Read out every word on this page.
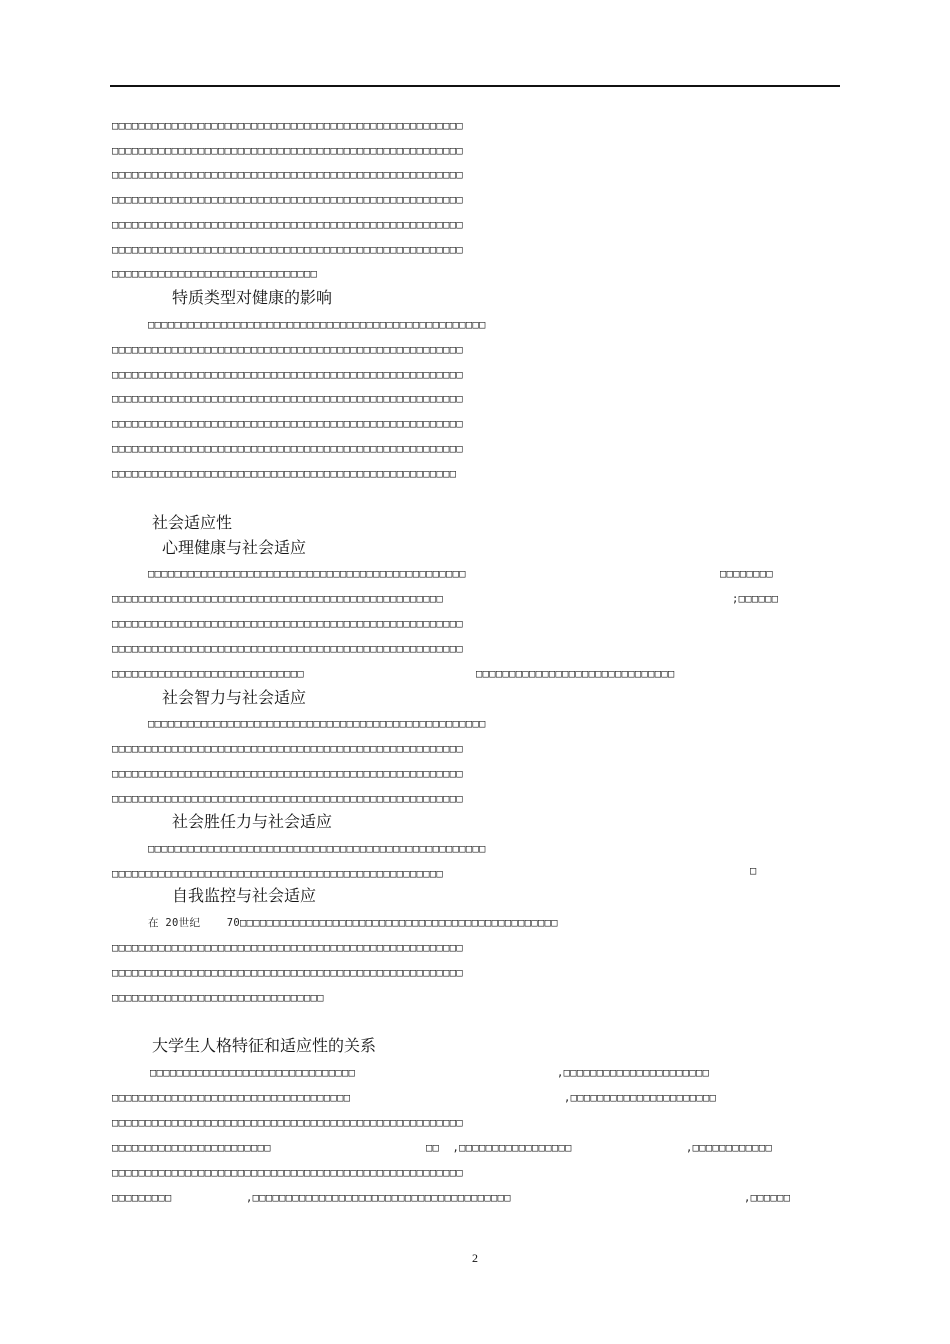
□□□□□□□□□□□□□□□□□□□□□□□□□□□□□□□□□□□□□□□□□□□□□□□□□□□□□
□□□□□□□□□□□□□□□□□□□□□□□□□□□□□□□□□□□□□□□□□□□□□□□□□□□□□
□□□□□□□□□□□□□□□□□□□□□□□□□□□□□□□□□□□□□□□□□□□□□□□□□□□□□
□□□□□□□□□□□□□□□□□□□□□□□□□□□□□□□□□□□□□□□□□□□□□□□□□□□□□
□□□□□□□□□□□□□□□□□□□□□□□□□□□□□□□□□□□□□□□□□□□□□□□□□□□□□
□□□□□□□□□□□□□□□□□□□□□□□□□□□□□□□□□□□□□□□□□□□□□□□□□□□□□
□□□□□□□□□□□□□□□□□□□□□□□□□□□□□□□
特质类型对健康的影响
□□□□□□□□□□□□□□□□□□□□□□□□□□□□□□□□□□□□□□□□□□□□□□□□□□□
□□□□□□□□□□□□□□□□□□□□□□□□□□□□□□□□□□□□□□□□□□□□□□□□□□□□□
□□□□□□□□□□□□□□□□□□□□□□□□□□□□□□□□□□□□□□□□□□□□□□□□□□□□□
□□□□□□□□□□□□□□□□□□□□□□□□□□□□□□□□□□□□□□□□□□□□□□□□□□□□□
□□□□□□□□□□□□□□□□□□□□□□□□□□□□□□□□□□□□□□□□□□□□□□□□□□□□□
□□□□□□□□□□□□□□□□□□□□□□□□□□□□□□□□□□□□□□□□□□□□□□□□□□□□□
□□□□□□□□□□□□□□□□□□□□□□□□□□□□□□□□□□□□□□□□□□□□□□□□□□□□
社会适应性
心理健康与社会适应
□□□□□□□□□□□□□□□□□□□□□□□□□□□□□□□□□□□□□□□□□□□□□□□□	□□□□□□□□
□□□□□□□□□□□□□□□□□□□□□□□□□□□□□□□□□□□□□□□□□□□□□□□□□□	;□□□□□□
□□□□□□□□□□□□□□□□□□□□□□□□□□□□□□□□□□□□□□□□□□□□□□□□□□□□□
□□□□□□□□□□□□□□□□□□□□□□□□□□□□□□□□□□□□□□□□□□□□□□□□□□□□□
□□□□□□□□□□□□□□□□□□□□□□□□□□□□□	□□□□□□□□□□□□□□□□□□□□□□□□□□□□□□
社会智力与社会适应
□□□□□□□□□□□□□□□□□□□□□□□□□□□□□□□□□□□□□□□□□□□□□□□□□□□
□□□□□□□□□□□□□□□□□□□□□□□□□□□□□□□□□□□□□□□□□□□□□□□□□□□□□
□□□□□□□□□□□□□□□□□□□□□□□□□□□□□□□□□□□□□□□□□□□□□□□□□□□□□
□□□□□□□□□□□□□□□□□□□□□□□□□□□□□□□□□□□□□□□□□□□□□□□□□□□□□
社会胜任力与社会适应
□□□□□□□□□□□□□□□□□□□□□□□□□□□□□□□□□□□□□□□□□□□□□□□□□□□
□□□□□□□□□□□□□□□□□□□□□□□□□□□□□□□□□□□□□□□□□□□□□□□□□□	□
自我监控与社会适应
在 20世纪    70□□□□□□□□□□□□□□□□□□□□□□□□□□□□□□□□□□□□□□□□□□□□□□□□
□□□□□□□□□□□□□□□□□□□□□□□□□□□□□□□□□□□□□□□□□□□□□□□□□□□□□
□□□□□□□□□□□□□□□□□□□□□□□□□□□□□□□□□□□□□□□□□□□□□□□□□□□□□
□□□□□□□□□□□□□□□□□□□□□□□□□□□□□□□□
大学生人格特征和适应性的关系
□□□□□□□□□□□□□□□□□□□□□□□□□□□□□□□	,□□□□□□□□□□□□□□□□□□□□□□
□□□□□□□□□□□□□□□□□□□□□□□□□□□□□□□□□□□□	,□□□□□□□□□□□□□□□□□□□□□□
□□□□□□□□□□□□□□□□□□□□□□□□□□□□□□□□□□□□□□□□□□□□□□□□□□□□□
□□□□□□□□□□□□□□□□□□□□□□□□	□□  ,□□□□□□□□□□□□□□□□□	,□□□□□□□□□□□□
□□□□□□□□□□□□□□□□□□□□□□□□□□□□□□□□□□□□□□□□□□□□□□□□□□□□□
□□□□□□□□□	,□□□□□□□□□□□□□□□□□□□□□□□□□□□□□□□□□□□□□□□	,□□□□□□
2
